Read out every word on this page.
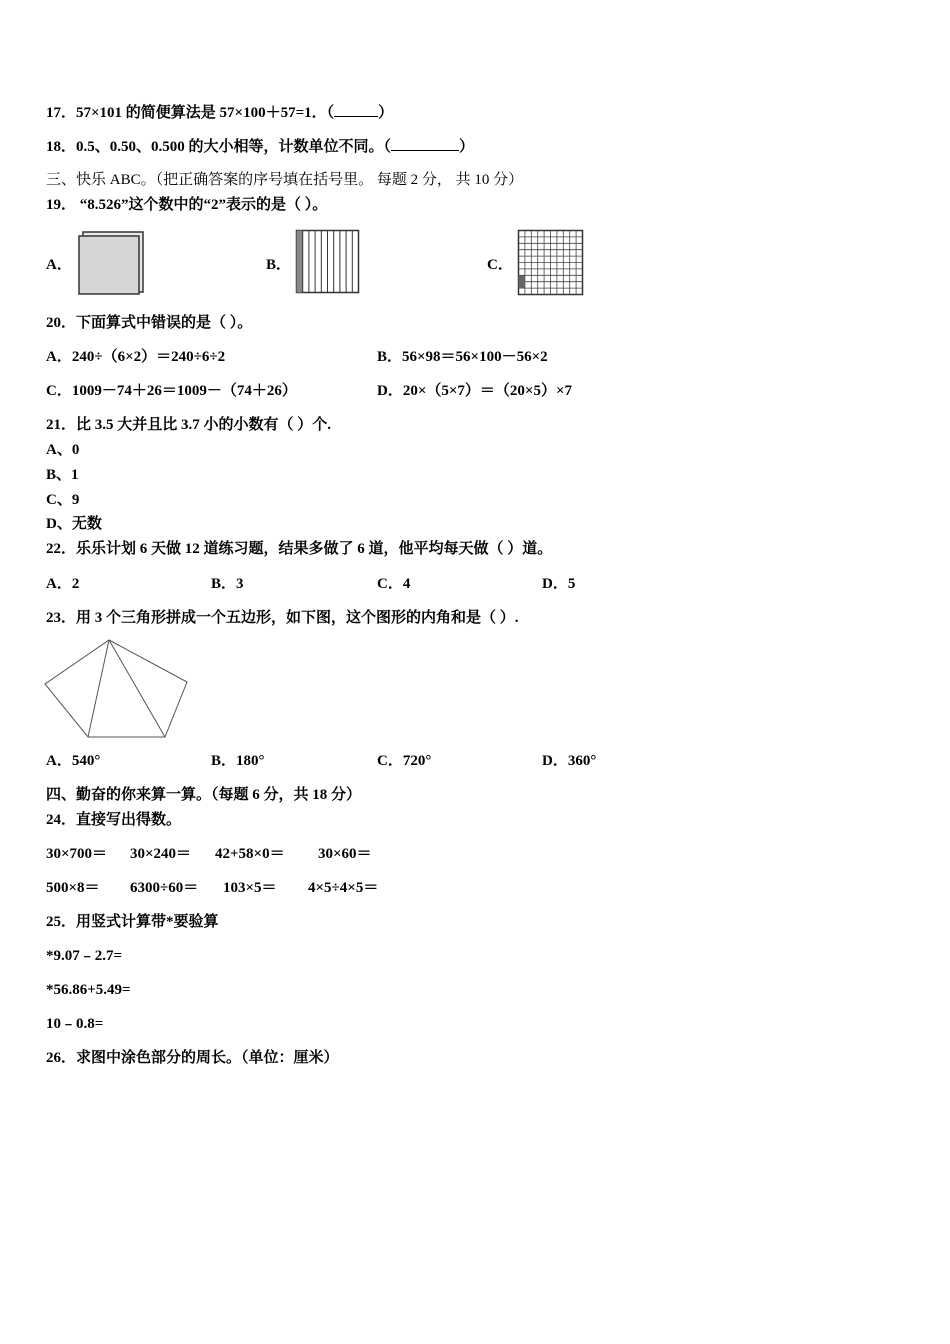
17．57×101 的简便算法是 57×100＋57=1．（	）
18．0.5、0.50、0.500 的大小相等，计数单位不同。（	）
三、快乐 ABC。（把正确答案的序号填在括号里。 每题 2 分， 共 10 分）
19． “8.526”这个数中的“2”表示的是（ ）。
A．	B．	C．
20．下面算式中错误的是（ ）。
A．240÷（6×2）＝240÷6÷2	B．56×98＝56×100－56×2
C．1009－74＋26＝1009－（74＋26）	D．20×（5×7）＝（20×5）×7
21．比 3.5 大并且比 3.7 小的小数有（ ）个.
A、0
B、1
C、9
D、无数
22．乐乐计划 6 天做 12 道练习题，结果多做了 6 道，他平均每天做（ ）道。
A．2	B．3	C．4	D．5
23．用 3 个三角形拼成一个五边形，如下图，这个图形的内角和是（ ）.
A．540°	B．180°	C．720°	D．360°
四、勤奋的你来算一算。（每题 6 分，共 18 分）
24．直接写出得数。
30×700＝ 30×240＝ 42+58×0＝ 30×60＝
500×8＝ 6300÷60＝ 103×5＝ 4×5÷4×5＝
25．用竖式计算带*要验算
*9.07﹣2.7=
*56.86+5.49=
10﹣0.8=
26．求图中涂色部分的周长。（单位：厘米）
